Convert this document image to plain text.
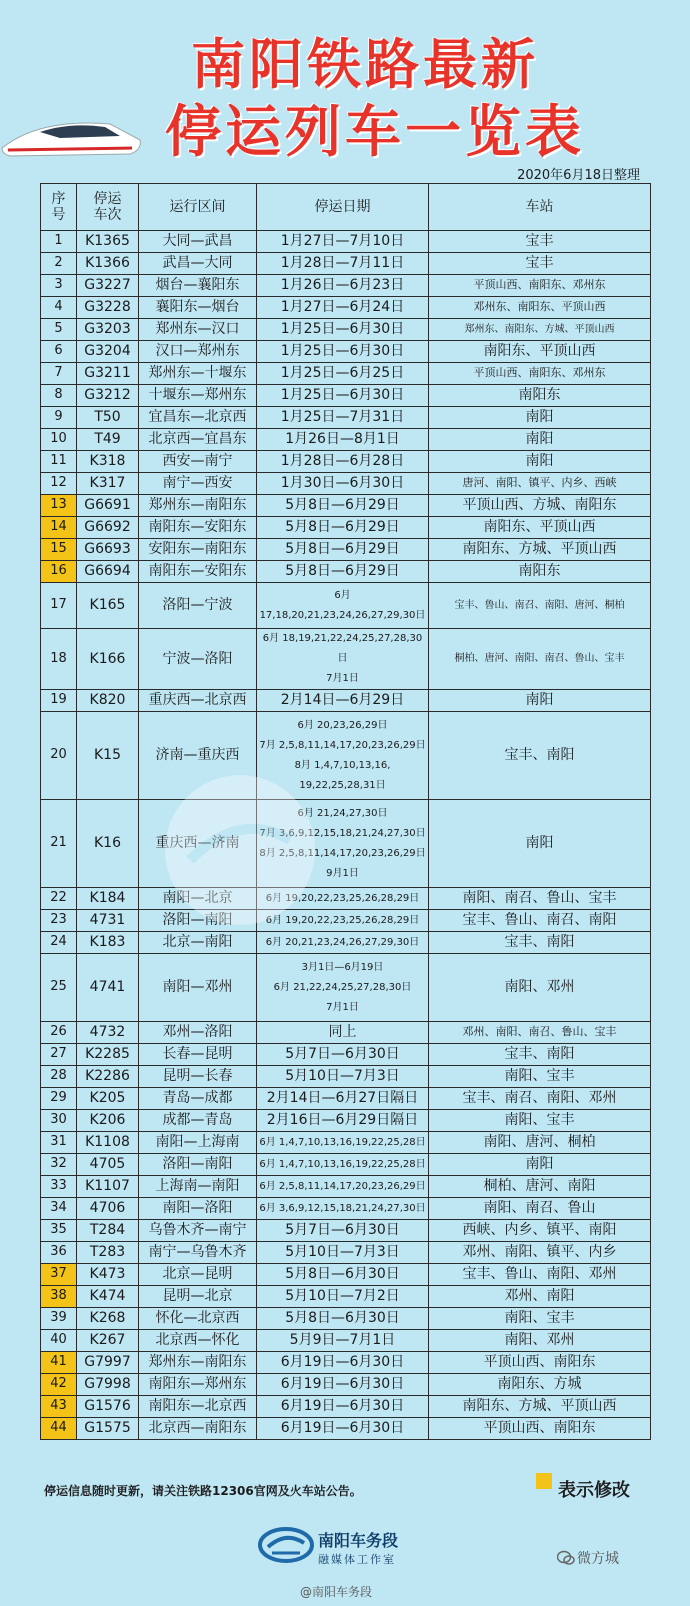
南阳铁路最新
停运列车一览表
2020年6月18日整理
序
号	停运
车次	运行区间	停运日期	车站
1	K1365	大同—武昌	1月27日—7月10日	宝丰
2	K1366	武昌—大同	1月28日—7月11日	宝丰
3	G3227	烟台—襄阳东	1月26日—6月23日	平顶山西、南阳东、邓州东
4	G3228	襄阳东—烟台	1月27日—6月24日	邓州东、南阳东、平顶山西
5	G3203	郑州东—汉口	1月25日—6月30日	郑州东、南阳东、方城、平顶山西
6	G3204	汉口—郑州东	1月25日—6月30日	南阳东、平顶山西
7	G3211	郑州东—十堰东	1月25日—6月25日	平顶山西、南阳东、邓州东
8	G3212	十堰东—郑州东	1月25日—6月30日	南阳东
9	T50	宜昌东—北京西	1月25日—7月31日	南阳
10	T49	北京西—宜昌东	1月26日—8月1日	南阳
11	K318	西安—南宁	1月28日—6月28日	南阳
12	K317	南宁—西安	1月30日—6月30日	唐河、南阳、镇平、内乡、西峡
13	G6691	郑州东—南阳东	5月8日—6月29日	平顶山西、方城、南阳东
14	G6692	南阳东—安阳东	5月8日—6月29日	南阳东、平顶山西
15	G6693	安阳东—南阳东	5月8日—6月29日	南阳东、方城、平顶山西
16	G6694	南阳东—安阳东	5月8日—6月29日	南阳东
17	K165	洛阳—宁波	6月
17,18,20,21,23,24,26,27,29,30日	宝丰、鲁山、南召、南阳、唐河、桐柏
18	K166	宁波—洛阳	6月 18,19,21,22,24,25,27,28,30日
7月1日	桐柏、唐河、南阳、南召、鲁山、宝丰
19	K820	重庆西—北京西	2月14日—6月29日	南阳
20	K15	济南—重庆西	6月 20,23,26,29日
7月 2,5,8,11,14,17,20,23,26,29日
8月 1,4,7,10,13,16,
19,22,25,28,31日	宝丰、南阳
21	K16	重庆西—济南	6月 21,24,27,30日
7月 3,6,9,12,15,18,21,24,27,30日
8月 2,5,8,11,14,17,20,23,26,29日
9月1日	南阳
22	K184	南阳—北京	6月 19,20,22,23,25,26,28,29日	南阳、南召、鲁山、宝丰
23	4731	洛阳—南阳	6月 19,20,22,23,25,26,28,29日	宝丰、鲁山、南召、南阳
24	K183	北京—南阳	6月 20,21,23,24,26,27,29,30日	宝丰、南阳
25	4741	南阳—邓州	3月1日—6月19日
6月 21,22,24,25,27,28,30日
7月1日	南阳、邓州
26	4732	邓州—洛阳	同上	邓州、南阳、南召、鲁山、宝丰
27	K2285	长春—昆明	5月7日—6月30日	宝丰、南阳
28	K2286	昆明—长春	5月10日—7月3日	南阳、宝丰
29	K205	青岛—成都	2月14日—6月27日隔日	宝丰、南召、南阳、邓州
30	K206	成都—青岛	2月16日—6月29日隔日	南阳、宝丰
31	K1108	南阳—上海南	6月 1,4,7,10,13,16,19,22,25,28日	南阳、唐河、桐柏
32	4705	洛阳—南阳	6月 1,4,7,10,13,16,19,22,25,28日	南阳
33	K1107	上海南—南阳	6月 2,5,8,11,14,17,20,23,26,29日	桐柏、唐河、南阳
34	4706	南阳—洛阳	6月 3,6,9,12,15,18,21,24,27,30日	南阳、南召、鲁山
35	T284	乌鲁木齐—南宁	5月7日—6月30日	西峡、内乡、镇平、南阳
36	T283	南宁—乌鲁木齐	5月10日—7月3日	邓州、南阳、镇平、内乡
37	K473	北京—昆明	5月8日—6月30日	宝丰、鲁山、南阳、邓州
38	K474	昆明—北京	5月10日—7月2日	邓州、南阳
39	K268	怀化—北京西	5月8日—6月30日	南阳、宝丰
40	K267	北京西—怀化	5月9日—7月1日	南阳、邓州
41	G7997	郑州东—南阳东	6月19日—6月30日	平顶山西、南阳东
42	G7998	南阳东—郑州东	6月19日—6月30日	南阳东、方城
43	G1576	南阳东—北京西	6月19日—6月30日	南阳东、方城、平顶山西
44	G1575	北京西—南阳东	6月19日—6月30日	平顶山西、南阳东
停运信息随时更新，请关注铁路12306官网及火车站公告。	表示修改
南阳车务段
融媒体工作室
@南阳车务段
微方城
